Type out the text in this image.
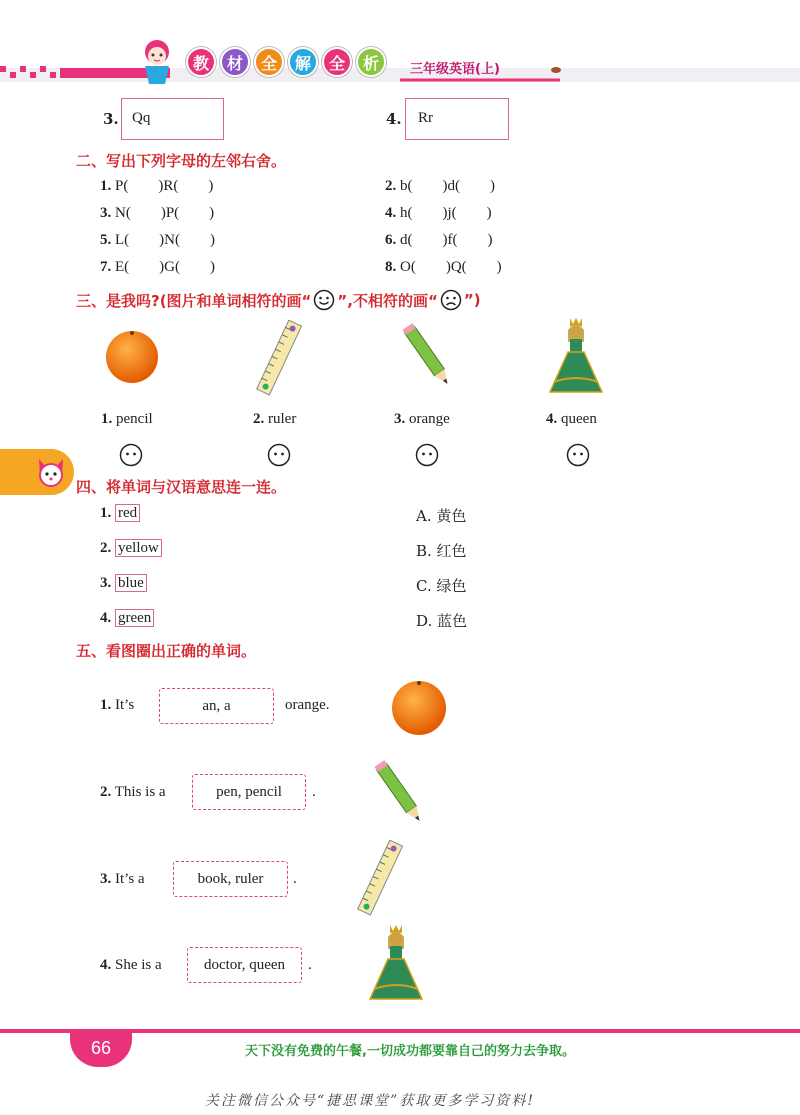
教	材	全	解	全	析	三年级英语(上)
3. Qq	4. Rr
二、写出下列字母的左邻右舍。
1. P(        )R(        )	2. b(        )d(        )
3. N(        )P(        )	4. h(        )j(        )
5. L(        )N(        )	6. d(        )f(        )
7. E(        )G(        )	8. O(        )Q(        )
三、是我吗?(图片和单词相符的画“ ”,不相符的画“ ”)
1. pencil	2. ruler	3. orange	4. queen
四、将单词与汉语意思连一连。
1. red
2. yellow
3. blue
4. green
A. 黄色
B. 红色
C. 绿色
D. 蓝色
五、看图圈出正确的单词。
1. It’s	an, a	orange.
2. This is a	pen, pencil	.
3. It’s a	book, ruler	.
4. She is a	doctor, queen	.
66	天下没有免费的午餐,一切成功都要靠自己的努力去争取。
关注微信公众号“捷思课堂”获取更多学习资料!
